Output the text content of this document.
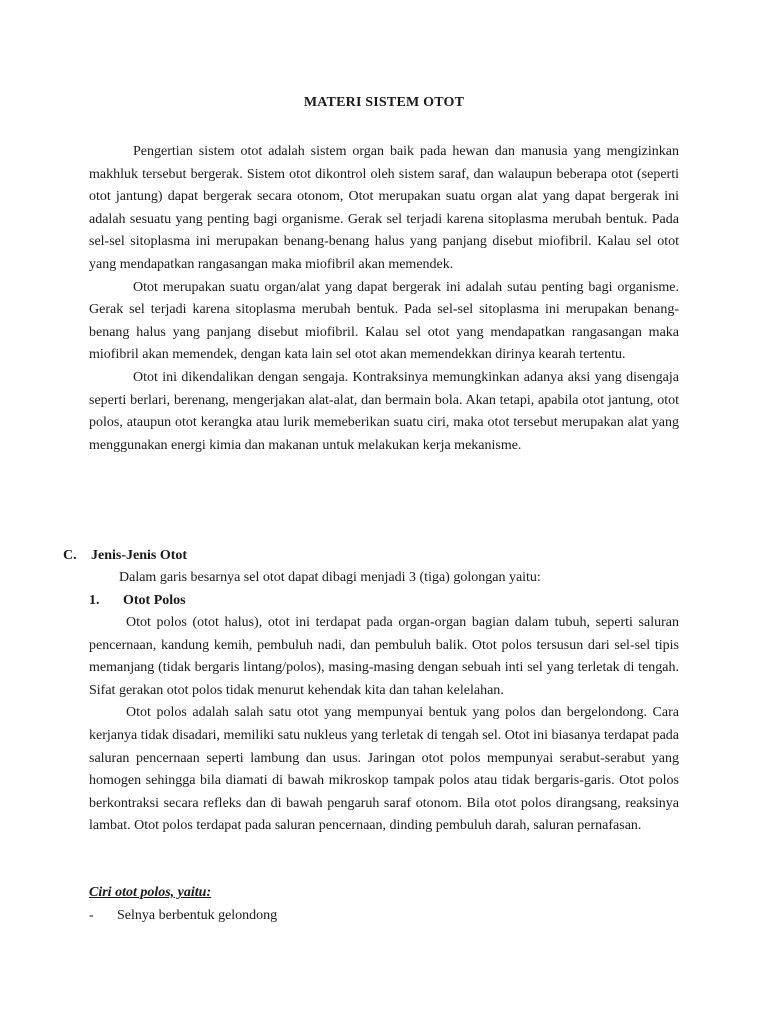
MATERI SISTEM OTOT

Pengertian sistem otot adalah sistem organ baik pada hewan dan manusia yang mengizinkan makhluk tersebut bergerak. Sistem otot dikontrol oleh sistem saraf, dan walaupun beberapa otot (seperti otot jantung) dapat bergerak secara otonom, Otot merupakan suatu organ alat yang dapat bergerak ini adalah sesuatu yang penting bagi organisme. Gerak sel terjadi karena sitoplasma merubah bentuk. Pada sel-sel sitoplasma ini merupakan benang-benang halus yang panjang disebut miofibril. Kalau sel otot yang mendapatkan rangasangan maka miofibril akan memendek.

Otot merupakan suatu organ/alat yang dapat bergerak ini adalah sutau penting bagi organisme. Gerak sel terjadi karena sitoplasma merubah bentuk. Pada sel-sel sitoplasma ini merupakan benang-benang halus yang panjang disebut miofibril. Kalau sel otot yang mendapatkan rangasangan maka miofibril akan memendek, dengan kata lain sel otot akan memendekkan dirinya kearah tertentu.

Otot ini dikendalikan dengan sengaja. Kontraksinya memungkinkan adanya aksi yang disengaja seperti berlari, berenang, mengerjakan alat-alat, dan bermain bola. Akan tetapi, apabila otot jantung, otot polos, ataupun otot kerangka atau lurik memeberikan suatu ciri, maka otot tersebut merupakan alat yang menggunakan energi kimia dan makanan untuk melakukan kerja mekanisme.

C. Jenis-Jenis Otot
Dalam garis besarnya sel otot dapat dibagi menjadi 3 (tiga) golongan yaitu:
1. Otot Polos

Otot polos (otot halus), otot ini terdapat pada organ-organ bagian dalam tubuh, seperti saluran pencernaan, kandung kemih, pembuluh nadi, dan pembuluh balik. Otot polos tersusun dari sel-sel tipis memanjang (tidak bergaris lintang/polos), masing-masing dengan sebuah inti sel yang terletak di tengah. Sifat gerakan otot polos tidak menurut kehendak kita dan tahan kelelahan.

Otot polos adalah salah satu otot yang mempunyai bentuk yang polos dan bergelondong. Cara kerjanya tidak disadari, memiliki satu nukleus yang terletak di tengah sel. Otot ini biasanya terdapat pada saluran pencernaan seperti lambung dan usus. Jaringan otot polos mempunyai serabut-serabut yang homogen sehingga bila diamati di bawah mikroskop tampak polos atau tidak bergaris-garis. Otot polos berkontraksi secara refleks dan di bawah pengaruh saraf otonom. Bila otot polos dirangsang, reaksinya lambat. Otot polos terdapat pada saluran pencernaan, dinding pembuluh darah, saluran pernafasan.

Ciri otot polos, yaitu:
- Selnya berbentuk gelondong
